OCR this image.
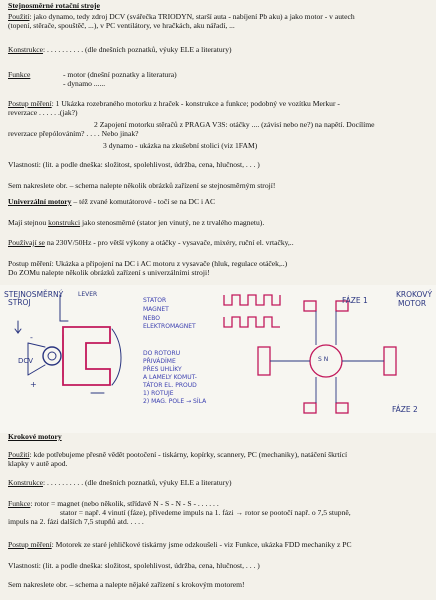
Stejnosměrné rotační stroje
Použití: jako dynamo, tedy zdroj DCV (svářečka TRIODYN, starší auta - nabíjení Pb aku) a jako motor - v autech
(topení, stěrače, spouštěč, ...), v PC ventilátory, ve hračkách, aku nářadí, ...
Konstrukce: . . . . . . . . . . (dle dnešních poznatků, výuky ELE a literatury)
Funkce	- motor (dnešní poznatky a literatura)
- dynamo ......
Postup měření: 1 Ukázka rozebraného motorku z hraček - konstrukce a funkce; podobný ve vozítku Merkur -
reverzace . . . . . .(jak?)
2 Zapojení motorku stěračů z PRAGA V3S: otáčky .... (závisí nebo ne?) na napětí. Docílíme
reverzace přepólováním? . . . . Nebo jinak?
3 dynamo - ukázka na zkušební stolici (viz 1FAM)
Vlastnosti: (lit. a podle dneška: složitost, spolehlivost, údržba, cena, hlučnost, . . . )
Sem nakreslete obr. – schema nalepte několik obrázků zařízení se stejnosměrným strojí!
Univerzální motory – též zvané komutátorové - točí se na DC i AC
Mají stejnou konstrukci jako stenosměrné (stator jen vinutý, ne z trvalého magnetu).
Používají se na 230V/50Hz - pro větší výkony a otáčky - vysavače, mixéry, ruční el. vrtačky,..
Postup měření: Ukázka a připojení na DC i AC motoru z vysavače (hluk, regulace otáček,..)
Do ZOMu nalepte několik obrázků zařízení s univerzálními stroji!
STEJNOSMĚRNÝ
STROJ
LEVER
DCV
-
+
STATOR
MAGNET
NEBO
ELEKTROMAGNET
DO ROTORU
PŘIVÁDÍME
PŘES UHLÍKY
A LAMELY KOMUT-
TÁTOR EL. PROUD
1) ROTUJE
2) MAG. POLE → SÍLA
FÁZE 1
FÁZE 2
KROKOVÝ
MOTOR
S N
Krokové motory
Použití: kde potřebujeme přesně vědět pootočení - tiskárny, kopírky, scannery, PC (mechaniky), natáčení škrtící
klapky v autě apod.
Konstrukce: . . . . . . . . . . (dle dnešních poznatků, výuky ELE a literatury)
Funkce: rotor = magnet (nebo několik, střídavě N - S - N - S - . . . . . .
stator = např. 4 vinutí (fáze), přivedeme impuls na 1. fázi → rotor se pootočí např. o 7,5 stupně,
impuls na 2. fázi dalších 7,5 stupňů atd. . . . .
Postup měření: Motorek ze staré jehličkové tiskárny jsme odzkoušeli - viz Funkce, ukázka FDD mechaniky z PC
Vlastnosti: (lit. a podle dneška: složitost, spolehlivost, údržba, cena, hlučnost, . . . )
Sem nakreslete obr. – schema a nalepte nějaké zařízení s krokovým motorem!
